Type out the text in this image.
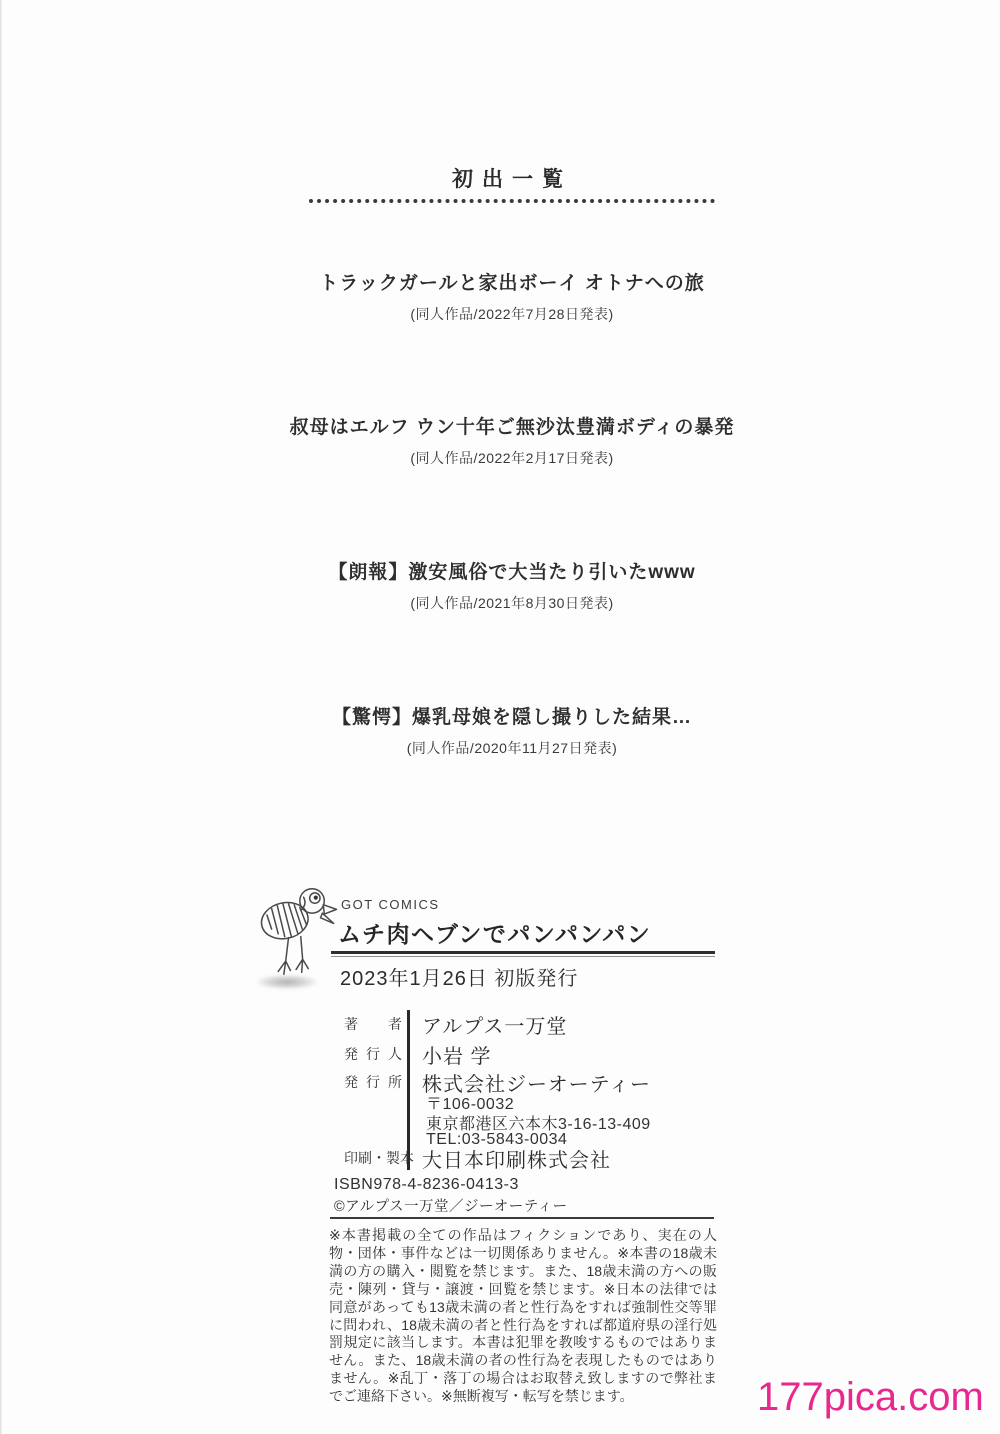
初出一覧
トラックガールと家出ボーイ オトナへの旅
(同人作品/2022年7月28日発表)
叔母はエルフ ウン十年ご無沙汰豊満ボディの暴発
(同人作品/2022年2月17日発表)
【朗報】激安風俗で大当たり引いたwww
(同人作品/2021年8月30日発表)
【驚愕】爆乳母娘を隠し撮りした結果…
(同人作品/2020年11月27日発表)
GOT COMICS
ムチ肉ヘブンでパンパンパン
2023年1月26日 初版発行
著 者 アルプス一万堂
発 行 人 小岩 学
発 行 所 株式会社ジーオーティー
〒106-0032
東京都港区六本木3-16-13-409
TEL:03-5843-0034
印 刷 ・ 製 本 大日本印刷株式会社
ISBN978-4-8236-0413-3
©アルプス一万堂／ジーオーティー
※本書掲載の全ての作品はフィクションであり、実在の人物・団体・事件などは一切関係ありません。※本書の18歳未満の方の購入・閲覧を禁じます。また、18歳未満の方への販売・陳列・貸与・譲渡・回覧を禁じます。※日本の法律では同意があっても13歳未満の者と性行為をすれば強制性交等罪に問われ、18歳未満の者と性行為をすれば都道府県の淫行処罰規定に該当します。本書は犯罪を教唆するものではありません。また、18歳未満の者の性行為を表現したものではありません。※乱丁・落丁の場合はお取替え致しますので弊社までご連絡下さい。※無断複写・転写を禁じます。	177pica.com
